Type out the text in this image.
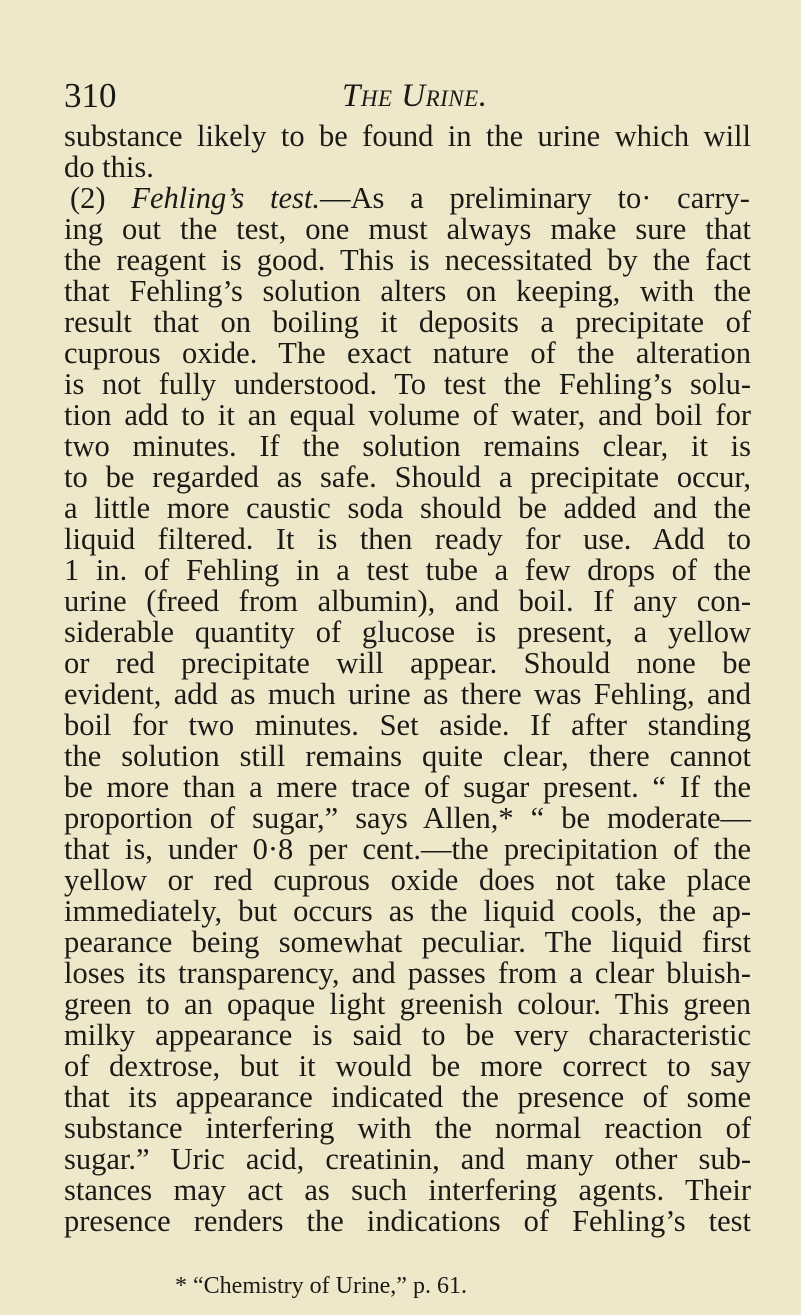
310	The Urine.
substance likely to be found in the urine which will
do this.
(2) Fehling’s test.—As a preliminary to· carry-
ing out the test, one must always make sure that
the reagent is good. This is necessitated by the fact
that Fehling’s solution alters on keeping, with the
result that on boiling it deposits a precipitate of
cuprous oxide. The exact nature of the alteration
is not fully understood. To test the Fehling’s solu-
tion add to it an equal volume of water, and boil for
two minutes. If the solution remains clear, it is
to be regarded as safe. Should a precipitate occur,
a little more caustic soda should be added and the
liquid filtered. It is then ready for use. Add to
1 in. of Fehling in a test tube a few drops of the
urine (freed from albumin), and boil. If any con-
siderable quantity of glucose is present, a yellow
or red precipitate will appear. Should none be
evident, add as much urine as there was Fehling, and
boil for two minutes. Set aside. If after standing
the solution still remains quite clear, there cannot
be more than a mere trace of sugar present. “ If the
proportion of sugar,” says Allen,* “ be moderate—
that is, under 0·8 per cent.—the precipitation of the
yellow or red cuprous oxide does not take place
immediately, but occurs as the liquid cools, the ap-
pearance being somewhat peculiar. The liquid first
loses its transparency, and passes from a clear bluish-
green to an opaque light greenish colour. This green
milky appearance is said to be very characteristic
of dextrose, but it would be more correct to say
that its appearance indicated the presence of some
substance interfering with the normal reaction of
sugar.” Uric acid, creatinin, and many other sub-
stances may act as such interfering agents. Their
presence renders the indications of Fehling’s test
* “Chemistry of Urine,” p. 61.
